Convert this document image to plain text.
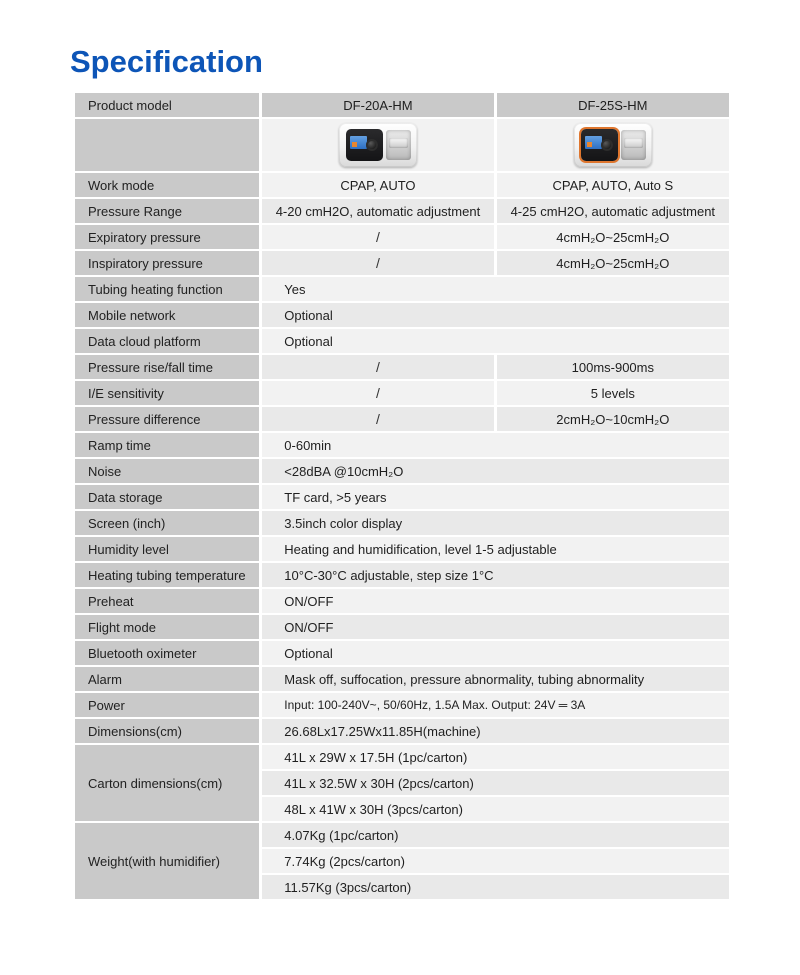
Specification
Product model	DF-20A-HM	DF-25S-HM

Work mode	CPAP, AUTO	CPAP, AUTO, Auto S
Pressure Range	4-20 cmH2O, automatic adjustment	4-25 cmH2O, automatic adjustment
Expiratory pressure	/	4cmH₂O~25cmH₂O
Inspiratory pressure	/	4cmH₂O~25cmH₂O
Tubing heating function	Yes	
Mobile network	Optional	
Data cloud platform	Optional	
Pressure rise/fall time	/	100ms-900ms
I/E sensitivity	/	5 levels
Pressure difference	/	2cmH₂O~10cmH₂O
Ramp time	0-60min	
Noise	<28dBA @10cmH₂O	
Data storage	TF card, >5 years	
Screen (inch)	3.5inch color display	
Humidity level	Heating and humidification, level 1-5 adjustable	
Heating tubing temperature	10°C-30°C adjustable, step size 1°C	
Preheat	ON/OFF	
Flight mode	ON/OFF	
Bluetooth oximeter	Optional	
Alarm	Mask off, suffocation, pressure abnormality, tubing abnormality	
Power	Input: 100-240V~, 50/60Hz, 1.5A Max. Output: 24V ═ 3A	
Dimensions(cm)	26.68Lx17.25Wx11.85H(machine)	
Carton dimensions(cm)	41L x 29W x 17.5H (1pc/carton)	
	41L x 32.5W x 30H (2pcs/carton)	
	48L x 41W x 30H (3pcs/carton)	
Weight(with humidifier)	4.07Kg (1pc/carton)	
	7.74Kg (2pcs/carton)	
	11.57Kg (3pcs/carton)	
